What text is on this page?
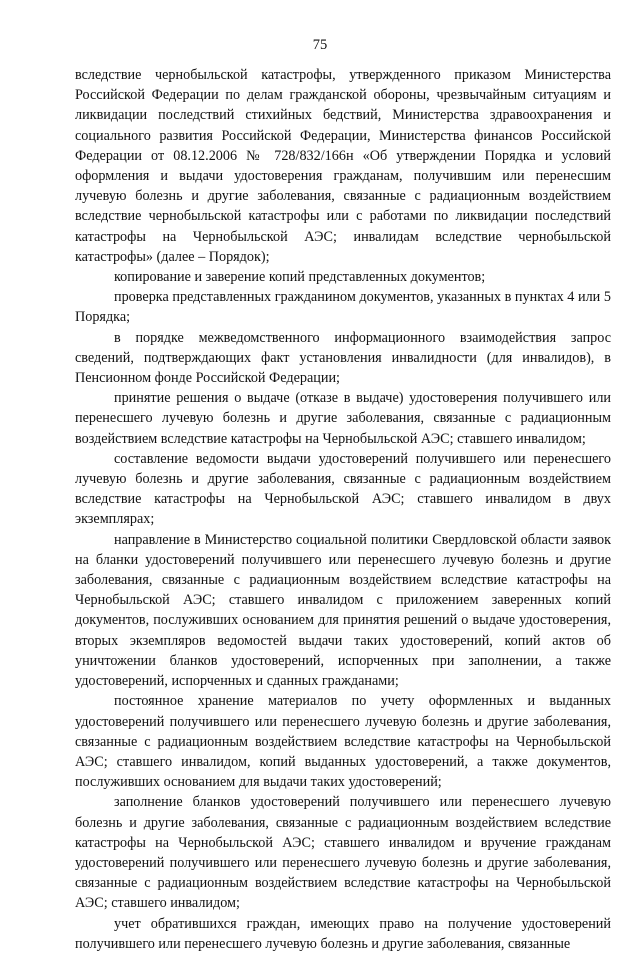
75

вследствие чернобыльской катастрофы, утвержденного приказом Министерства Российской Федерации по делам гражданской обороны, чрезвычайным ситуациям и ликвидации последствий стихийных бедствий, Министерства здравоохранения и социального развития Российской Федерации, Министерства финансов Российской Федерации от 08.12.2006 № 728/832/166н «Об утверждении Порядка и условий оформления и выдачи удостоверения гражданам, получившим или перенесшим лучевую болезнь и другие заболевания, связанные с радиационным воздействием вследствие чернобыльской катастрофы или с работами по ликвидации последствий катастрофы на Чернобыльской АЭС; инвалидам вследствие чернобыльской катастрофы» (далее – Порядок);

копирование и заверение копий представленных документов;

проверка представленных гражданином документов, указанных в пунктах 4 или 5 Порядка;

в порядке межведомственного информационного взаимодействия запрос сведений, подтверждающих факт установления инвалидности (для инвалидов), в Пенсионном фонде Российской Федерации;

принятие решения о выдаче (отказе в выдаче) удостоверения получившего или перенесшего лучевую болезнь и другие заболевания, связанные с радиационным воздействием вследствие катастрофы на Чернобыльской АЭС; ставшего инвалидом;

составление ведомости выдачи удостоверений получившего или перенесшего лучевую болезнь и другие заболевания, связанные с радиационным воздействием вследствие катастрофы на Чернобыльской АЭС; ставшего инвалидом в двух экземплярах;

направление в Министерство социальной политики Свердловской области заявок на бланки удостоверений получившего или перенесшего лучевую болезнь и другие заболевания, связанные с радиационным воздействием вследствие катастрофы на Чернобыльской АЭС; ставшего инвалидом с приложением заверенных копий документов, послуживших основанием для принятия решений о выдаче удостоверения, вторых экземпляров ведомостей выдачи таких удостоверений, копий актов об уничтожении бланков удостоверений, испорченных при заполнении, а также удостоверений, испорченных и сданных гражданами;

постоянное хранение материалов по учету оформленных и выданных удостоверений получившего или перенесшего лучевую болезнь и другие заболевания, связанные с радиационным воздействием вследствие катастрофы на Чернобыльской АЭС; ставшего инвалидом, копий выданных удостоверений, а также документов, послуживших основанием для выдачи таких удостоверений;

заполнение бланков удостоверений получившего или перенесшего лучевую болезнь и другие заболевания, связанные с радиационным воздействием вследствие катастрофы на Чернобыльской АЭС; ставшего инвалидом и вручение гражданам удостоверений получившего или перенесшего лучевую болезнь и другие заболевания, связанные с радиационным воздействием вследствие катастрофы на Чернобыльской АЭС; ставшего инвалидом;

учет обратившихся граждан, имеющих право на получение удостоверений получившего или перенесшего лучевую болезнь и другие заболевания, связанные
